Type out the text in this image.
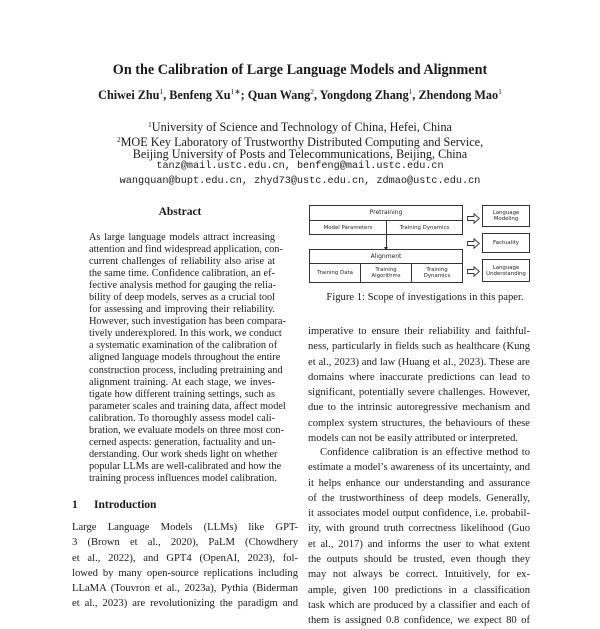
On the Calibration of Large Language Models and Alignment
Chiwei Zhu$^1$, Benfeng $Xu^{1∗}$; Quan Wang$^2$, Yongdong Zhang$^1$, Zhendong Mao$^1$
$^1$University of Science and Technology of China, Hefei, China
$^2$MOE Key Laboratory of Trustworthy Distributed Computing and Service,
Beijing University of Posts and Telecommunications, Beijing, China
tanz@mail.ustc.edu.cn, benfeng@mail.ustc.edu.cn
wangquan@bupt.edu.cn, zhyd73@ustc.edu.cn, zdmao@ustc.edu.cn
Abstract
As large language models attract increasing
attention and find widespread application, con-
current challenges of reliability also arise at
the same time. Confidence calibration, an ef-
fective analysis method for gauging the relia-
bility of deep models, serves as a crucial tool
for assessing and improving their reliability.
However, such investigation has been compara-
tively underexplored. In this work, we conduct
a systematic examination of the calibration of
aligned language models throughout the entire
construction process, including pretraining and
alignment training. At each stage, we inves-
tigate how different training settings, such as
parameter scales and training data, affect model
calibration. To thoroughly assess model cali-
bration, we evaluate models on three most con-
cerned aspects: generation, factuality and un-
derstanding. Our work sheds light on whether
popular LLMs are well-calibrated and how the
training process influences model calibration.
1 Introduction
Large Language Models (LLMs) like GPT-
3 (Brown et al., 2020), PaLM (Chowdhery
et al., 2022), and GPT4 (OpenAI, 2023), fol-
lowed by many open-source replications including
LLaMA (Touvron et al., 2023a), Pythia (Biderman
et al., 2023) are revolutionizing the paradigm and
imperative to ensure their reliability and faithful-
ness, particularly in fields such as healthcare (Kung
et al., 2023) and law (Huang et al., 2023). These are
domains where inaccurate predictions can lead to
significant, potentially severe challenges. However,
due to the intrinsic autoregressive mechanism and
complex system structures, the behaviours of these
models can not be easily attributed or interpreted.
Confidence calibration is an effective method to
estimate a model’s awareness of its uncertainty, and
it helps enhance our understanding and assurance
of the trustworthiness of deep models. Generally,
it associates model output confidence, i.e. probabil-
ity, with ground truth correctness likelihood (Guo
et al., 2017) and informs the user to what extent
the outputs should be trusted, even though they
may not always be correct. Intuitively, for ex-
ample, given 100 predictions in a classification
task which are produced by a classifier and each of
them is assigned 0.8 confidence, we expect 80 of
Pretraining
Model Parameters	Training Dynamics
Alignment
Training Data	Training Algorithms
Training Dynamics
Language Modeling
Factuality
Language Understanding
Figure 1: Scope of investigations in this paper.
